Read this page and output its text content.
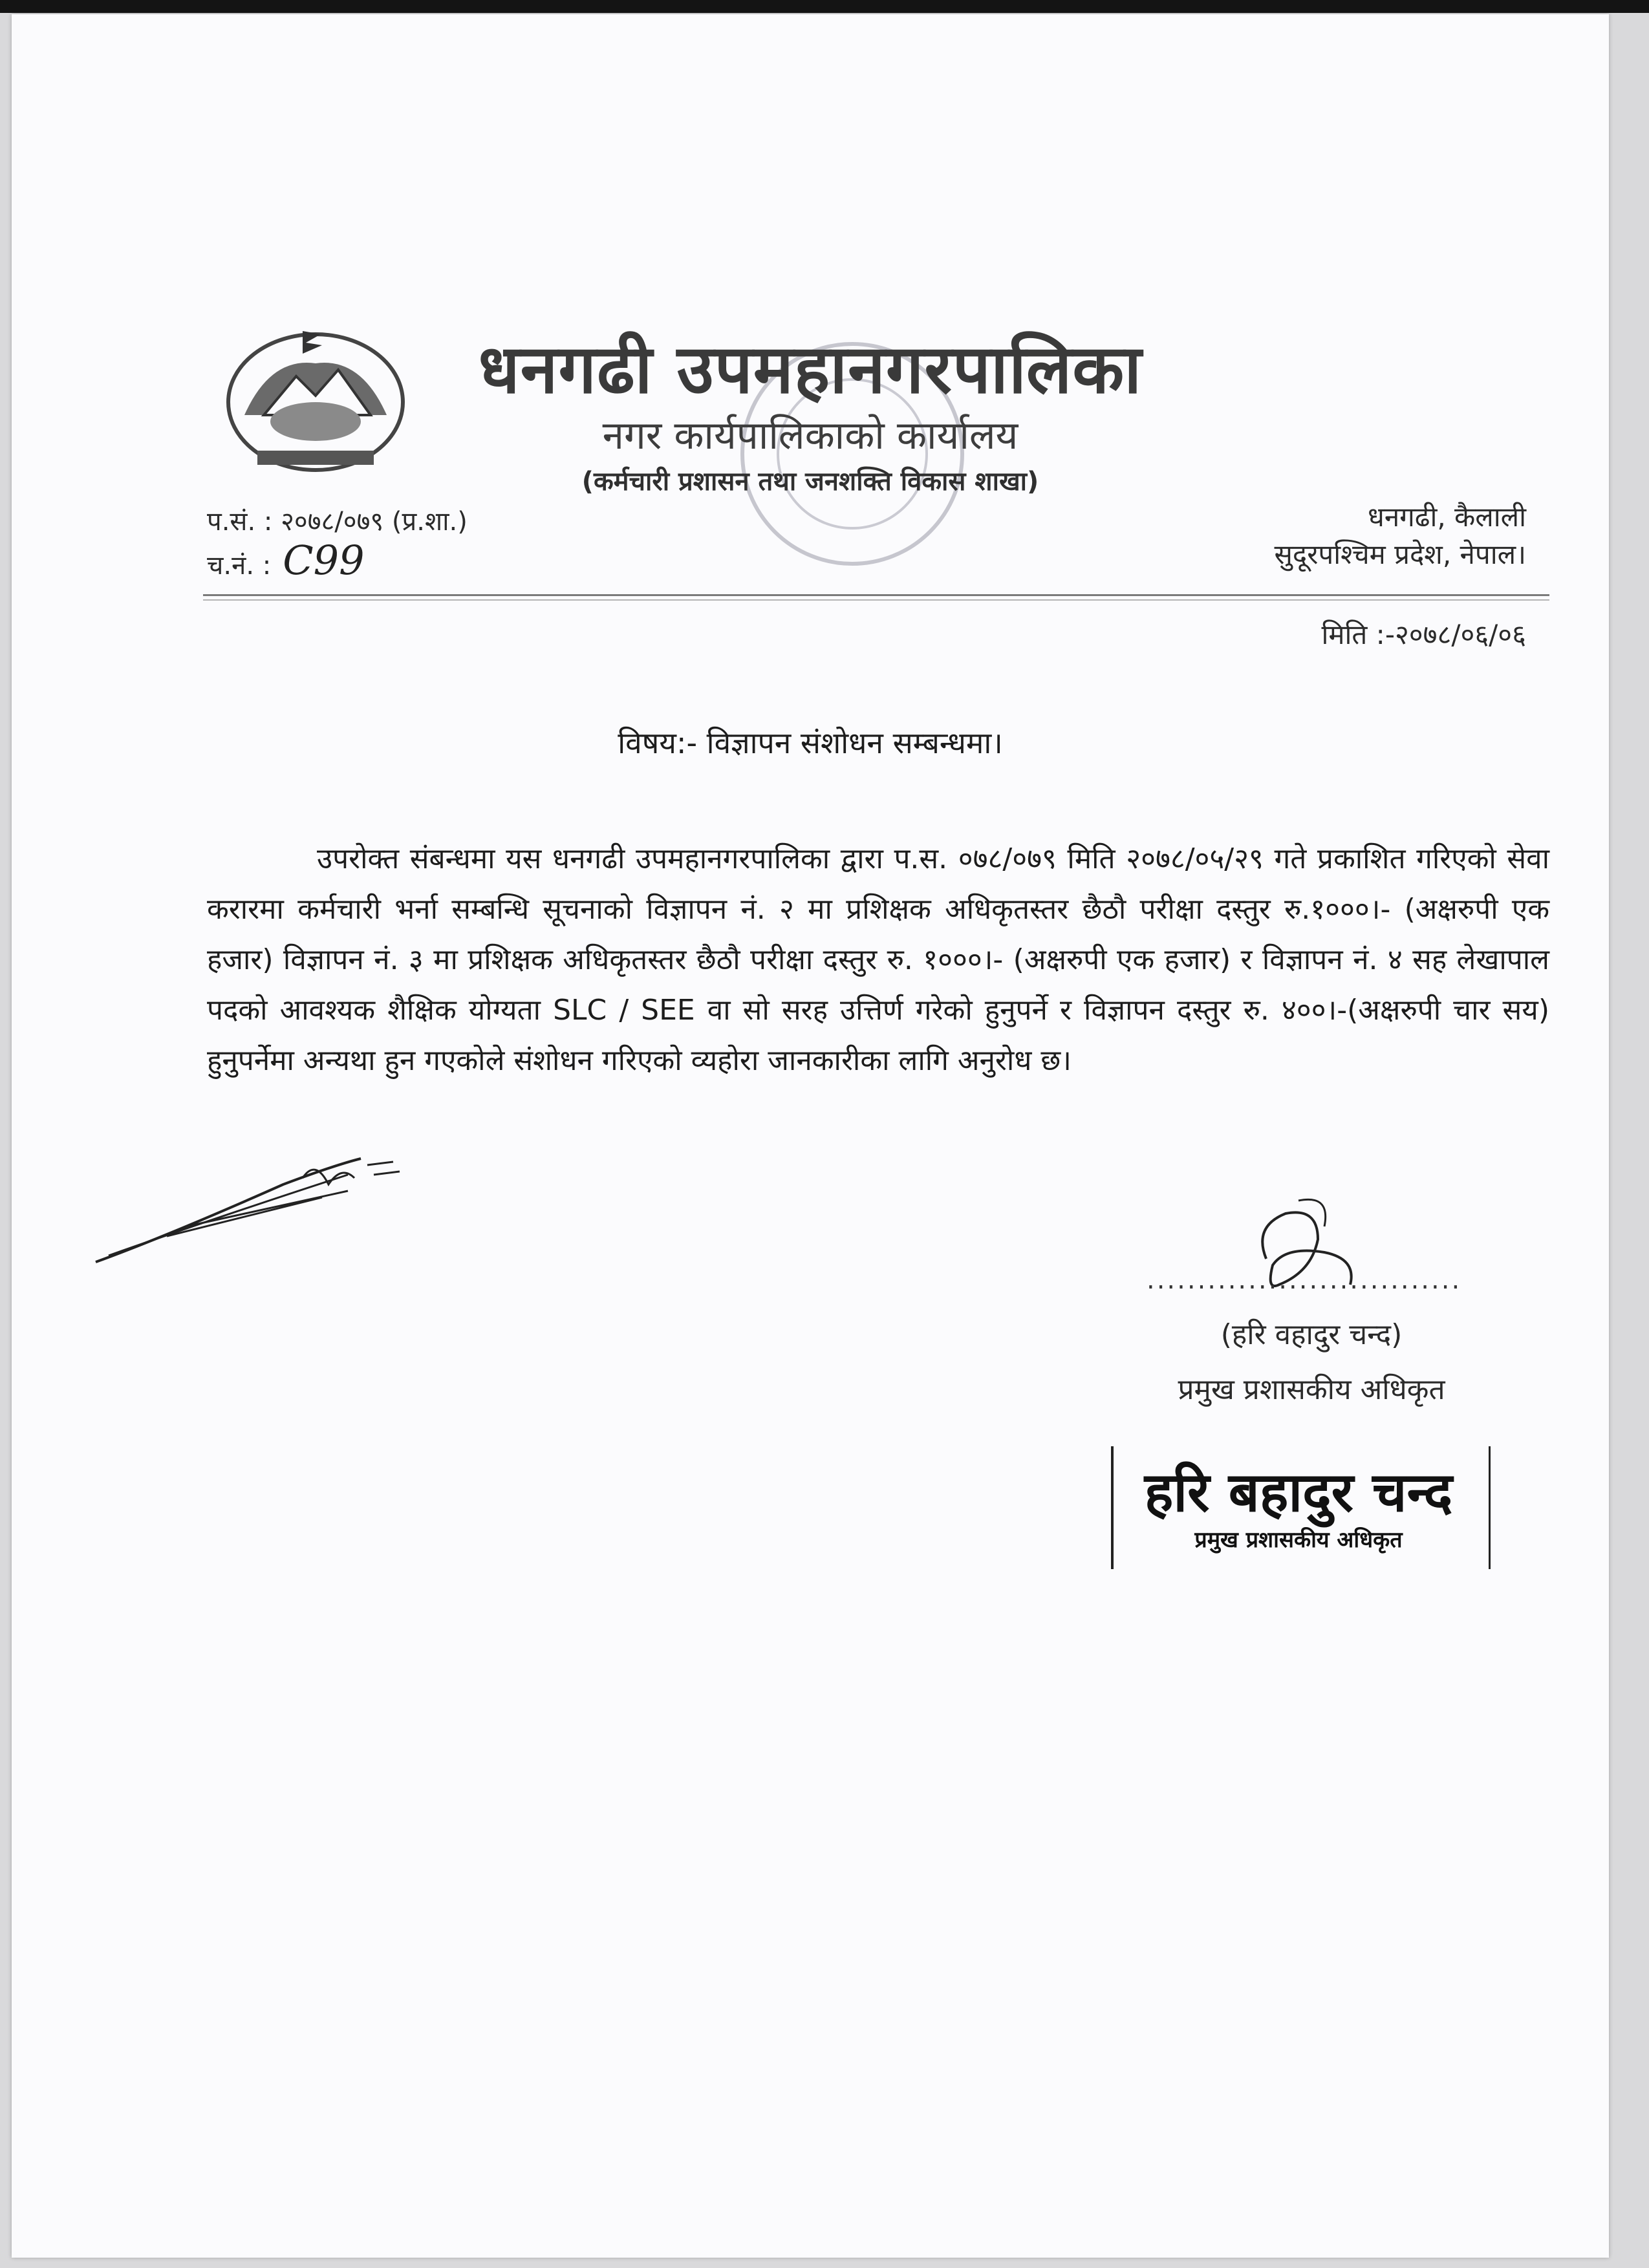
धनगढी उपमहानगरपालिका
नगर कार्यपालिकाको कार्यालय
(कर्मचारी प्रशासन तथा जनशक्ति विकास शाखा)
प.सं. : २०७८/०७९ (प्र.शा.)
च.नं. : C99
धनगढी, कैलाली
सुदूरपश्चिम प्रदेश, नेपाल।
मिति :-२०७८/०६/०६
विषय:- विज्ञापन संशोधन सम्बन्धमा।
उपरोक्त संबन्धमा यस धनगढी उपमहानगरपालिका द्वारा प.स. ०७८/०७९ मिति २०७८/०५/२९ गते प्रकाशित गरिएको सेवा करारमा कर्मचारी भर्ना सम्बन्धि सूचनाको विज्ञापन नं. २ मा प्रशिक्षक अधिकृतस्तर छैठौ परीक्षा दस्तुर रु.१०००।- (अक्षरुपी एक हजार) विज्ञापन नं. ३ मा प्रशिक्षक अधिकृतस्तर छैठौ परीक्षा दस्तुर रु. १०००।- (अक्षरुपी एक हजार) र विज्ञापन नं. ४ सह लेखापाल पदको आवश्यक शैक्षिक योग्यता SLC / SEE वा सो सरह उत्तिर्ण गरेको हुनुपर्ने र विज्ञापन दस्तुर रु. ४००।-(अक्षरुपी चार सय) हुनुपर्नेमा अन्यथा हुन गएकोले संशोधन गरिएको व्यहोरा जानकारीका लागि अनुरोध छ।
...............................
(हरि वहादुर चन्द)
प्रमुख प्रशासकीय अधिकृत
हरि बहादुर चन्द
प्रमुख प्रशासकीय अधिकृत
